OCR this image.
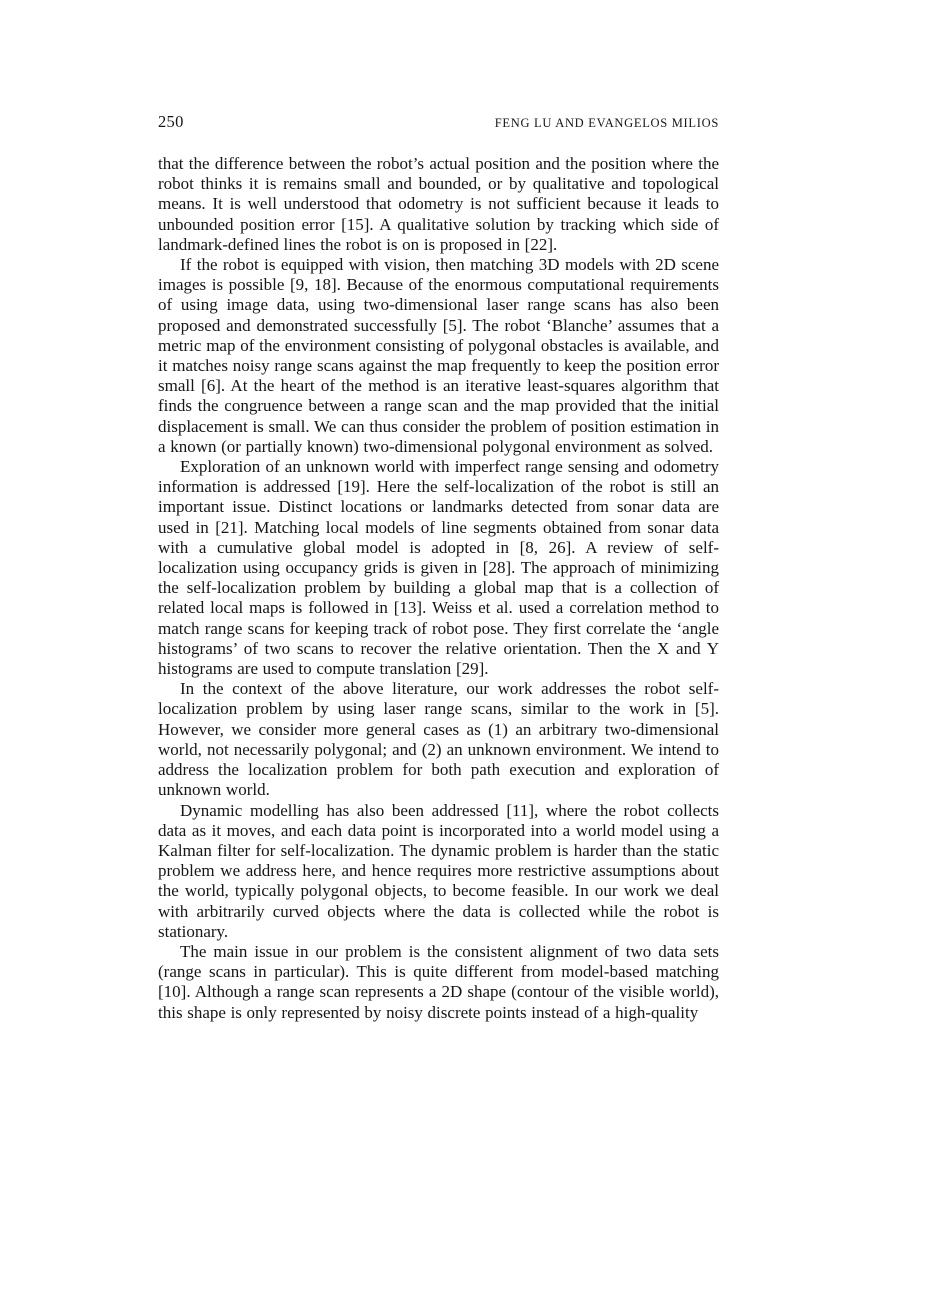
250	FENG LU AND EVANGELOS MILIOS

that the difference between the robot’s actual position and the position where the robot thinks it is remains small and bounded, or by qualitative and topological means. It is well understood that odometry is not sufficient because it leads to unbounded position error [15]. A qualitative solution by tracking which side of landmark-defined lines the robot is on is proposed in [22].

If the robot is equipped with vision, then matching 3D models with 2D scene images is possible [9, 18]. Because of the enormous computational requirements of using image data, using two-dimensional laser range scans has also been proposed and demonstrated successfully [5]. The robot ‘Blanche’ assumes that a metric map of the environment consisting of polygonal obstacles is available, and it matches noisy range scans against the map frequently to keep the position error small [6]. At the heart of the method is an iterative least-squares algorithm that finds the congruence between a range scan and the map provided that the initial displacement is small. We can thus consider the problem of position estimation in a known (or partially known) two-dimensional polygonal environment as solved.

Exploration of an unknown world with imperfect range sensing and odometry information is addressed [19]. Here the self-localization of the robot is still an important issue. Distinct locations or landmarks detected from sonar data are used in [21]. Matching local models of line segments obtained from sonar data with a cumulative global model is adopted in [8, 26]. A review of self-localization using occupancy grids is given in [28]. The approach of minimizing the self-localization problem by building a global map that is a collection of related local maps is followed in [13]. Weiss et al. used a correlation method to match range scans for keeping track of robot pose. They first correlate the ‘angle histograms’ of two scans to recover the relative orientation. Then the X and Y histograms are used to compute translation [29].

In the context of the above literature, our work addresses the robot self-localization problem by using laser range scans, similar to the work in [5]. However, we consider more general cases as (1) an arbitrary two-dimensional world, not necessarily polygonal; and (2) an unknown environment. We intend to address the localization problem for both path execution and exploration of unknown world.

Dynamic modelling has also been addressed [11], where the robot collects data as it moves, and each data point is incorporated into a world model using a Kalman filter for self-localization. The dynamic problem is harder than the static problem we address here, and hence requires more restrictive assumptions about the world, typically polygonal objects, to become feasible. In our work we deal with arbitrarily curved objects where the data is collected while the robot is stationary.

The main issue in our problem is the consistent alignment of two data sets (range scans in particular). This is quite different from model-based matching [10]. Although a range scan represents a 2D shape (contour of the visible world), this shape is only represented by noisy discrete points instead of a high-quality
